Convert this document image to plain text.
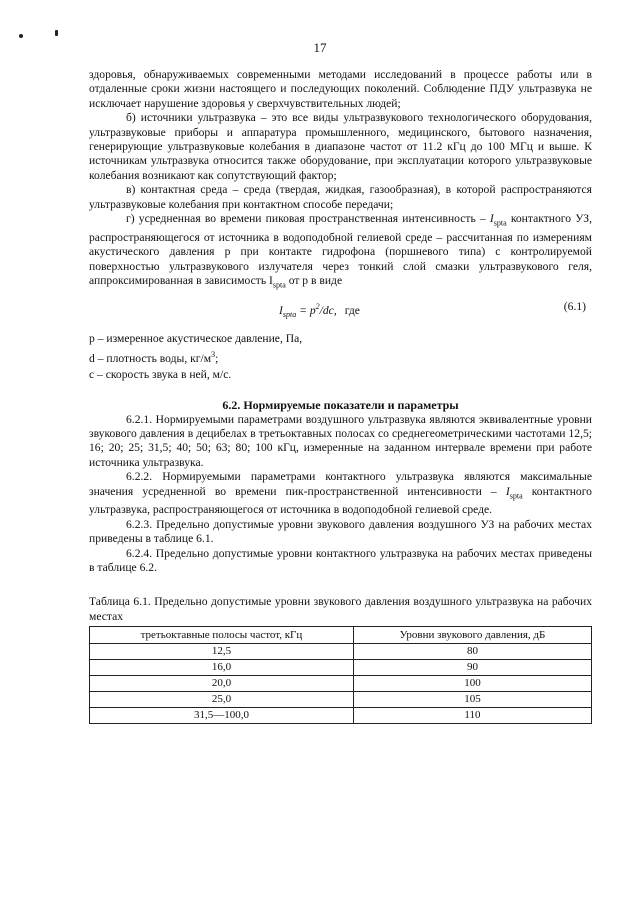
17

здоровья, обнаруживаемых современными методами исследований в процессе работы или в отдаленные сроки жизни настоящего и последующих поколений. Соблюдение ПДУ ультразвука не исключает нарушение здоровья у сверхчувствительных людей;

б) источники ультразвука – это все виды ультразвукового технологического оборудования, ультразвуковые приборы и аппаратура промышленного, медицинского, бытового назначения, генерирующие ультразвуковые колебания в диапазоне частот от 11.2 кГц до 100 МГц и выше. К источникам ультразвука относится также оборудование, при эксплуатации которого ультразвуковые колебания возникают как сопутствующий фактор;

в) контактная среда – среда (твердая, жидкая, газообразная), в которой распространяются ультразвуковые колебания при контактном способе передачи;

г) усредненная во времени пиковая пространственная интенсивность – $I_{spta}$ контактного УЗ, распространяющегося от источника в водоподобной гелиевой среде – рассчитанная по измерениям акустического давления p при контакте гидрофона (поршневого типа) с контролируемой поверхностью ультразвукового излучателя через тонкий слой смазки ультразвукового геля, аппроксимированная в зависимость $I_{spta}$ от p в виде

$I_{spta} = p^2/dc$, где	(6.1)

p – измеренное акустическое давление, Па,

d – плотность воды, $кг/м^3$;

c – скорость звука в ней, м/с.

6.2. Нормируемые показатели и параметры

6.2.1. Нормируемыми параметрами воздушного ультразвука являются эквивалентные уровни звукового давления в децибелах в третьоктавных полосах со среднегеометрическими частотами 12,5; 16; 20; 25; 31,5; 40; 50; 63; 80; 100 кГц, измеренные на заданном интервале времени при работе источника ультразвука.

6.2.2. Нормируемыми параметрами контактного ультразвука являются максимальные значения усредненной во времени пик-пространственной интенсивности – $I_{spta}$ контактного ультразвука, распространяющегося от источника в водоподобной гелиевой среде.

6.2.3. Предельно допустимые уровни звукового давления воздушного УЗ на рабочих местах приведены в таблице 6.1.

6.2.4. Предельно допустимые уровни контактного ультразвука на рабочих местах приведены в таблице 6.2.

Таблица 6.1. Предельно допустимые уровни звукового давления воздушного ультразвука на рабочих местах

третьоктавные полосы частот, кГц	Уровни звукового давления, дБ
12,5	80
16,0	90
20,0	100
25,0	105
31,5—100,0	110
